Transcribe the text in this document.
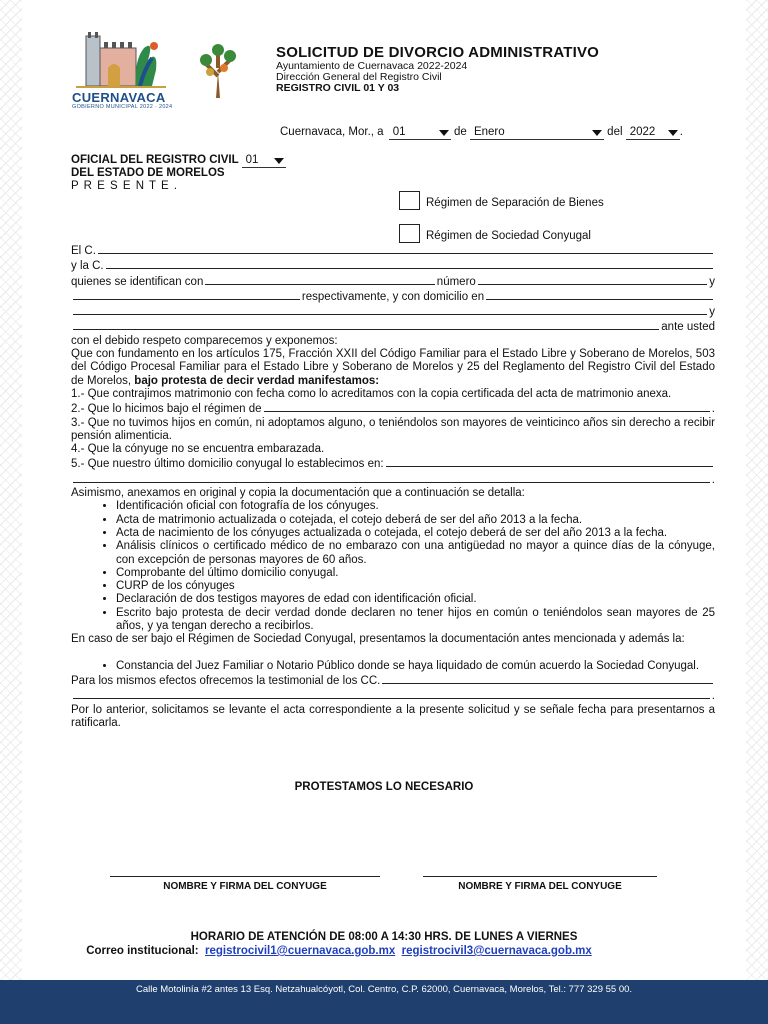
CUERNAVACA
GOBIERNO MUNICIPAL 2022 · 2024
SOLICITUD DE DIVORCIO ADMINISTRATIVO
Ayuntamiento de Cuernavaca 2022-2024
Dirección General del Registro Civil
REGISTRO CIVIL 01 Y 03
Cuernavaca, Mor., a 01	de Enero	del 2022 .
OFICIAL DEL REGISTRO CIVIL 01
DEL ESTADO DE MORELOS
P R E S E N T E .
Régimen de Separación de Bienes
Régimen de Sociedad Conyugal
El C.
y la C.
quienes se identifican con	número	y
respectivamente, y con domicilio en
y
ante usted
con el debido respeto comparecemos y exponemos:
Que con fundamento en los artículos 175, Fracción XXII del Código Familiar para el Estado Libre y Soberano de Morelos, 503 del Código Procesal Familiar para el Estado Libre y Soberano de Morelos y 25 del Reglamento del Registro Civil del Estado de Morelos, bajo protesta de decir verdad manifestamos:
1.- Que contrajimos matrimonio con fecha como lo acreditamos con la copia certificada del acta de matrimonio anexa.
2.- Que lo hicimos bajo el régimen de	.
3.- Que no tuvimos hijos en común, ni adoptamos alguno, o teniéndolos son mayores de veinticinco años sin derecho a recibir pensión alimenticia.
4.- Que la cónyuge no se encuentra embarazada.
5.- Que nuestro último domicilio conyugal lo establecimos en:
.
Asimismo, anexamos en original y copia la documentación que a continuación se detalla:
• Identificación oficial con fotografía de los cónyuges.
• Acta de matrimonio actualizada o cotejada, el cotejo deberá de ser del año 2013 a la fecha.
• Acta de nacimiento de los cónyuges actualizada o cotejada, el cotejo deberá de ser del año 2013 a la fecha.
• Análisis clínicos o certificado médico de no embarazo con una antigüedad no mayor a quince días de la cónyuge, con excepción de personas mayores de 60 años.
• Comprobante del último domicilio conyugal.
• CURP de los cónyuges
• Declaración de dos testigos mayores de edad con identificación oficial.
• Escrito bajo protesta de decir verdad donde declaren no tener hijos en común o teniéndolos sean mayores de 25 años, y ya tengan derecho a recibirlos.
En caso de ser bajo el Régimen de Sociedad Conyugal, presentamos la documentación antes mencionada y además la:
• Constancia del Juez Familiar o Notario Público donde se haya liquidado de común acuerdo la Sociedad Conyugal.
Para los mismos efectos ofrecemos la testimonial de los CC.
.
Por lo anterior, solicitamos se levante el acta correspondiente a la presente solicitud y se señale fecha para presentarnos a ratificarla.
PROTESTAMOS LO NECESARIO
NOMBRE Y FIRMA DEL CONYUGE	NOMBRE Y FIRMA DEL CONYUGE
HORARIO DE ATENCIÓN DE 08:00 A 14:30 HRS. DE LUNES A VIERNES
Correo institucional: registrocivil1@cuernavaca.gob.mx registrocivil3@cuernavaca.gob.mx
Calle Motolinía #2 antes 13 Esq. Netzahualcóyotl, Col. Centro, C.P. 62000, Cuernavaca, Morelos, Tel.: 777 329 55 00.
